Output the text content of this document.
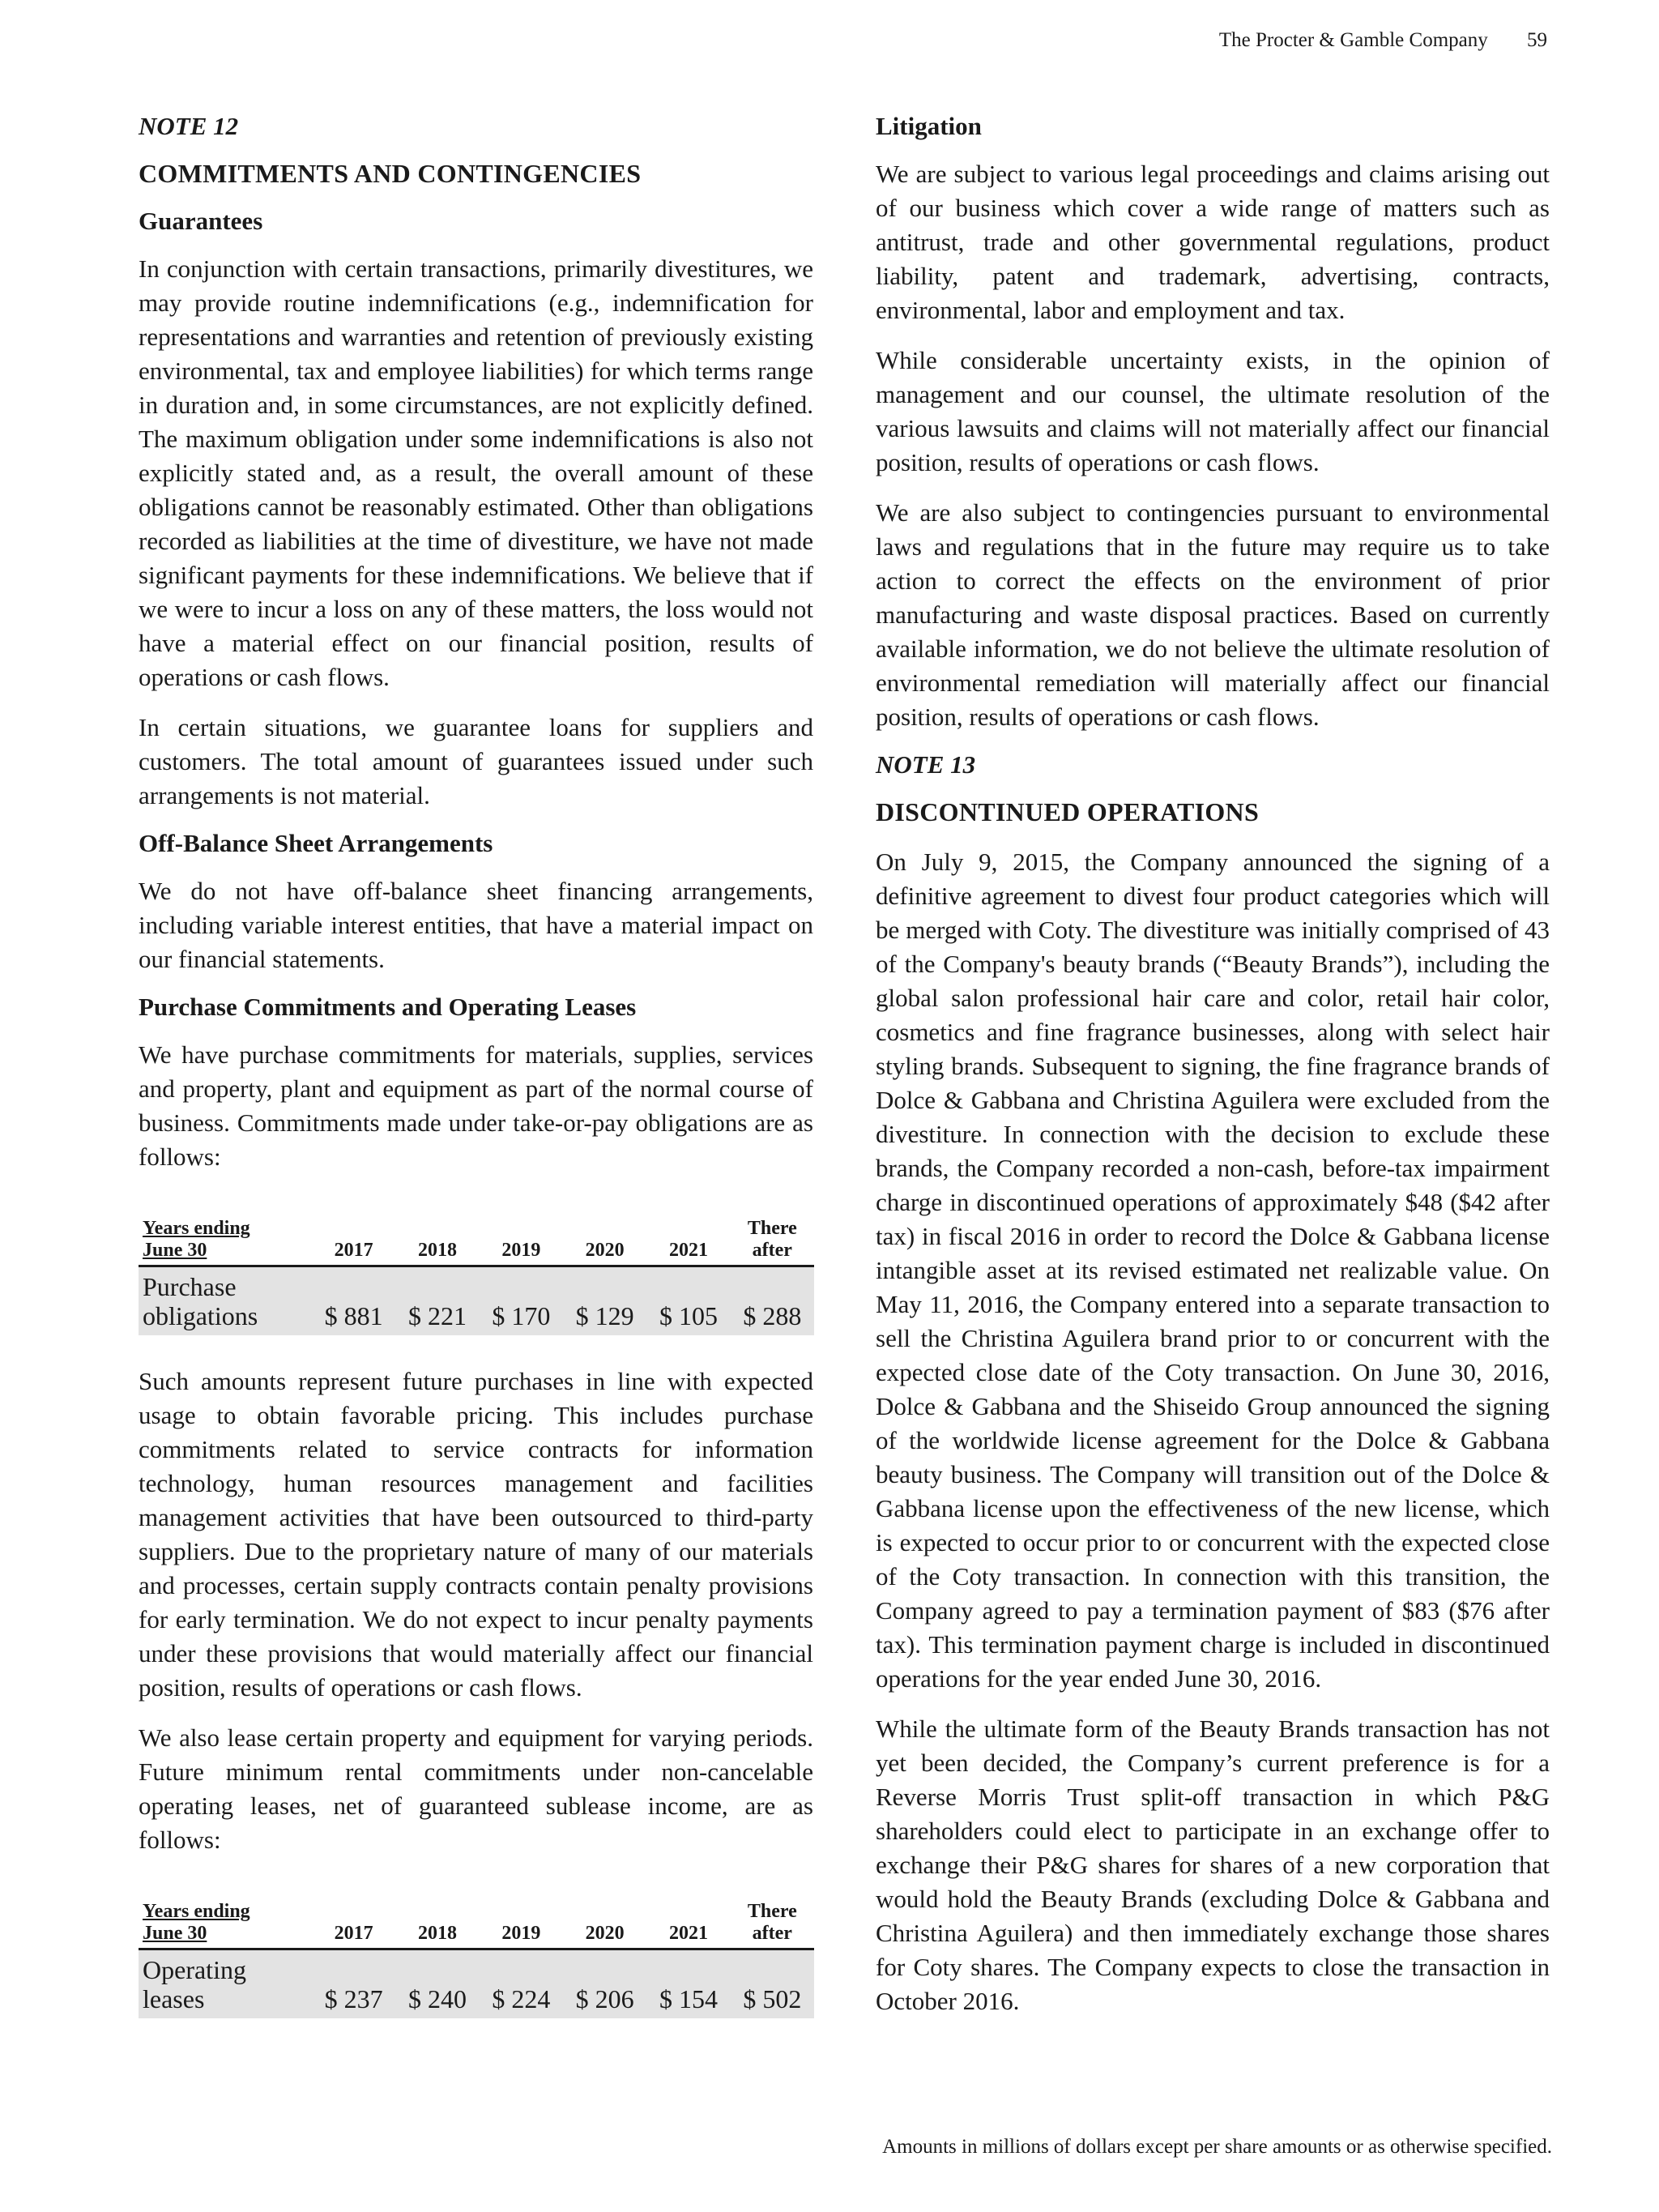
The Procter & Gamble Company 59
NOTE 12
COMMITMENTS AND CONTINGENCIES
Guarantees

In conjunction with certain transactions, primarily divestitures, we may provide routine indemnifications (e.g., indemnification for representations and warranties and retention of previously existing environmental, tax and employee liabilities) for which terms range in duration and, in some circumstances, are not explicitly defined. The maximum obligation under some indemnifications is also not explicitly stated and, as a result, the overall amount of these obligations cannot be reasonably estimated. Other than obligations recorded as liabilities at the time of divestiture, we have not made significant payments for these indemnifications. We believe that if we were to incur a loss on any of these matters, the loss would not have a material effect on our financial position, results of operations or cash flows.

In certain situations, we guarantee loans for suppliers and customers. The total amount of guarantees issued under such arrangements is not material.

Off-Balance Sheet Arrangements

We do not have off-balance sheet financing arrangements, including variable interest entities, that have a material impact on our financial statements.

Purchase Commitments and Operating Leases

We have purchase commitments for materials, supplies, services and property, plant and equipment as part of the normal course of business. Commitments made under take-or-pay obligations are as follows:

Years ending
June 30	2017	2018	2019	2020	2021	There
after
Purchase
obligations	$ 881	$ 221	$ 170	$ 129	$ 105	$ 288

Such amounts represent future purchases in line with expected usage to obtain favorable pricing. This includes purchase commitments related to service contracts for information technology, human resources management and facilities management activities that have been outsourced to third-party suppliers. Due to the proprietary nature of many of our materials and processes, certain supply contracts contain penalty provisions for early termination. We do not expect to incur penalty payments under these provisions that would materially affect our financial position, results of operations or cash flows.

We also lease certain property and equipment for varying periods. Future minimum rental commitments under non-cancelable operating leases, net of guaranteed sublease income, are as follows:

Years ending
June 30	2017	2018	2019	2020	2021	There
after
Operating
leases	$ 237	$ 240	$ 224	$ 206	$ 154	$ 502
Litigation

We are subject to various legal proceedings and claims arising out of our business which cover a wide range of matters such as antitrust, trade and other governmental regulations, product liability, patent and trademark, advertising, contracts, environmental, labor and employment and tax.

While considerable uncertainty exists, in the opinion of management and our counsel, the ultimate resolution of the various lawsuits and claims will not materially affect our financial position, results of operations or cash flows.

We are also subject to contingencies pursuant to environmental laws and regulations that in the future may require us to take action to correct the effects on the environment of prior manufacturing and waste disposal practices. Based on currently available information, we do not believe the ultimate resolution of environmental remediation will materially affect our financial position, results of operations or cash flows.

NOTE 13
DISCONTINUED OPERATIONS

On July 9, 2015, the Company announced the signing of a definitive agreement to divest four product categories which will be merged with Coty. The divestiture was initially comprised of 43 of the Company's beauty brands (“Beauty Brands”), including the global salon professional hair care and color, retail hair color, cosmetics and fine fragrance businesses, along with select hair styling brands. Subsequent to signing, the fine fragrance brands of Dolce & Gabbana and Christina Aguilera were excluded from the divestiture. In connection with the decision to exclude these brands, the Company recorded a non-cash, before-tax impairment charge in discontinued operations of approximately $48 ($42 after tax) in fiscal 2016 in order to record the Dolce & Gabbana license intangible asset at its revised estimated net realizable value. On May 11, 2016, the Company entered into a separate transaction to sell the Christina Aguilera brand prior to or concurrent with the expected close date of the Coty transaction. On June 30, 2016, Dolce & Gabbana and the Shiseido Group announced the signing of the worldwide license agreement for the Dolce & Gabbana beauty business. The Company will transition out of the Dolce & Gabbana license upon the effectiveness of the new license, which is expected to occur prior to or concurrent with the expected close of the Coty transaction. In connection with this transition, the Company agreed to pay a termination payment of $83 ($76 after tax). This termination payment charge is included in discontinued operations for the year ended June 30, 2016.

While the ultimate form of the Beauty Brands transaction has not yet been decided, the Company’s current preference is for a Reverse Morris Trust split-off transaction in which P&G shareholders could elect to participate in an exchange offer to exchange their P&G shares for shares of a new corporation that would hold the Beauty Brands (excluding Dolce & Gabbana and Christina Aguilera) and then immediately exchange those shares for Coty shares. The Company expects to close the transaction in October 2016.

Amounts in millions of dollars except per share amounts or as otherwise specified.
